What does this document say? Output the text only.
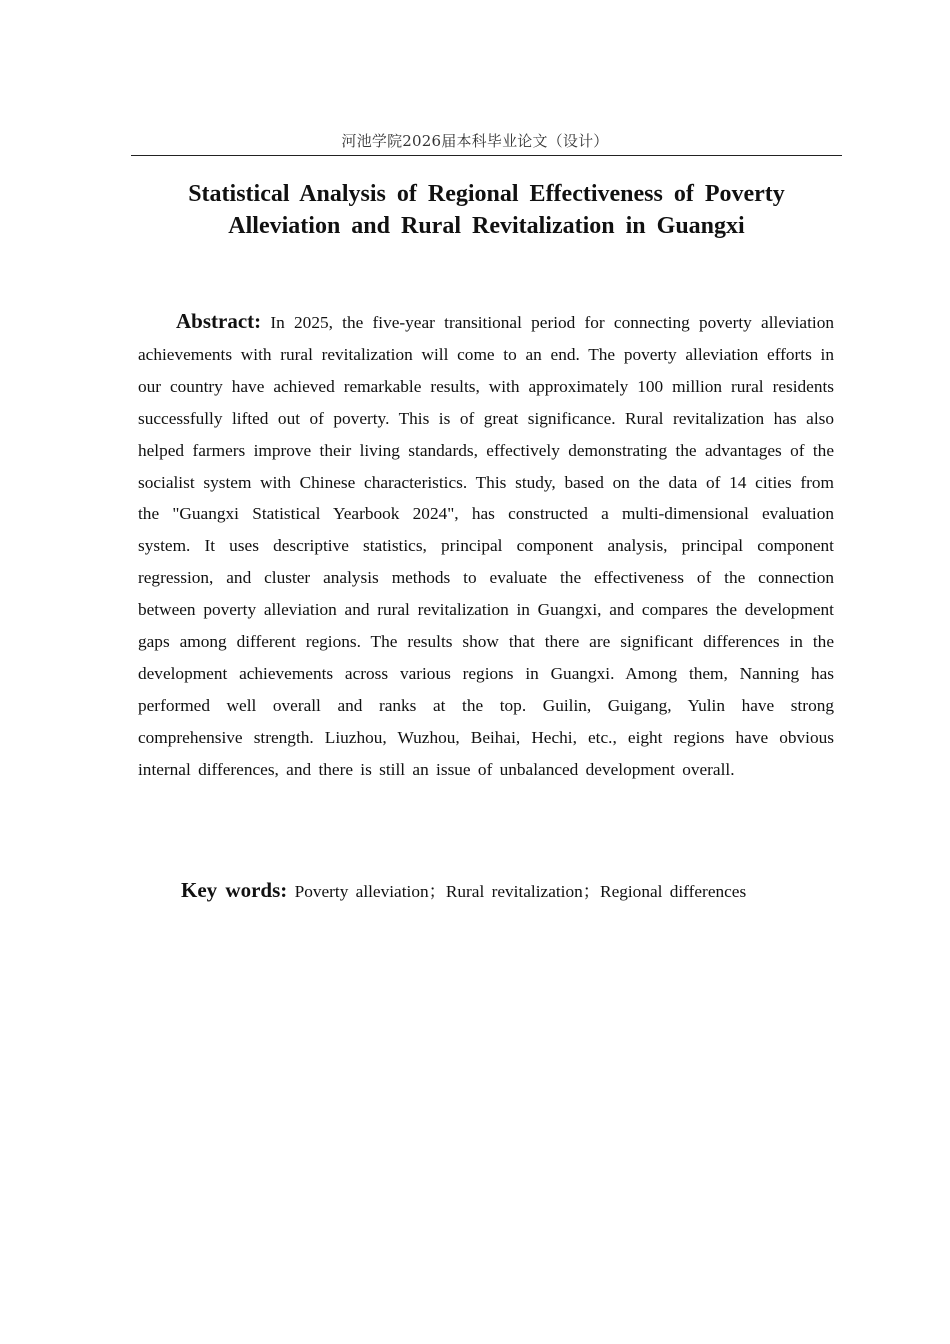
河池学院2026届本科毕业论文（设计）
Statistical Analysis of Regional Effectiveness of Poverty
Alleviation and Rural Revitalization in Guangxi

Abstract: In 2025, the five-year transitional period for connecting poverty alleviation achievements with rural revitalization will come to an end. The poverty alleviation efforts in our country have achieved remarkable results, with approximately 100 million rural residents successfully lifted out of poverty. This is of great significance. Rural revitalization has also helped farmers improve their living standards, effectively demonstrating the advantages of the socialist system with Chinese characteristics. This study, based on the data of 14 cities from the "Guangxi Statistical Yearbook 2024", has constructed a multi-dimensional evaluation system. It uses descriptive statistics, principal component analysis, principal component regression, and cluster analysis methods to evaluate the effectiveness of the connection between poverty alleviation and rural revitalization in Guangxi, and compares the development gaps among different regions. The results show that there are significant differences in the development achievements across various regions in Guangxi. Among them, Nanning has performed well overall and ranks at the top. Guilin, Guigang, Yulin have strong comprehensive strength. Liuzhou, Wuzhou, Beihai, Hechi, etc., eight regions have obvious internal differences, and there is still an issue of unbalanced development overall.

Key words: Poverty alleviation；Rural revitalization；Regional differences
